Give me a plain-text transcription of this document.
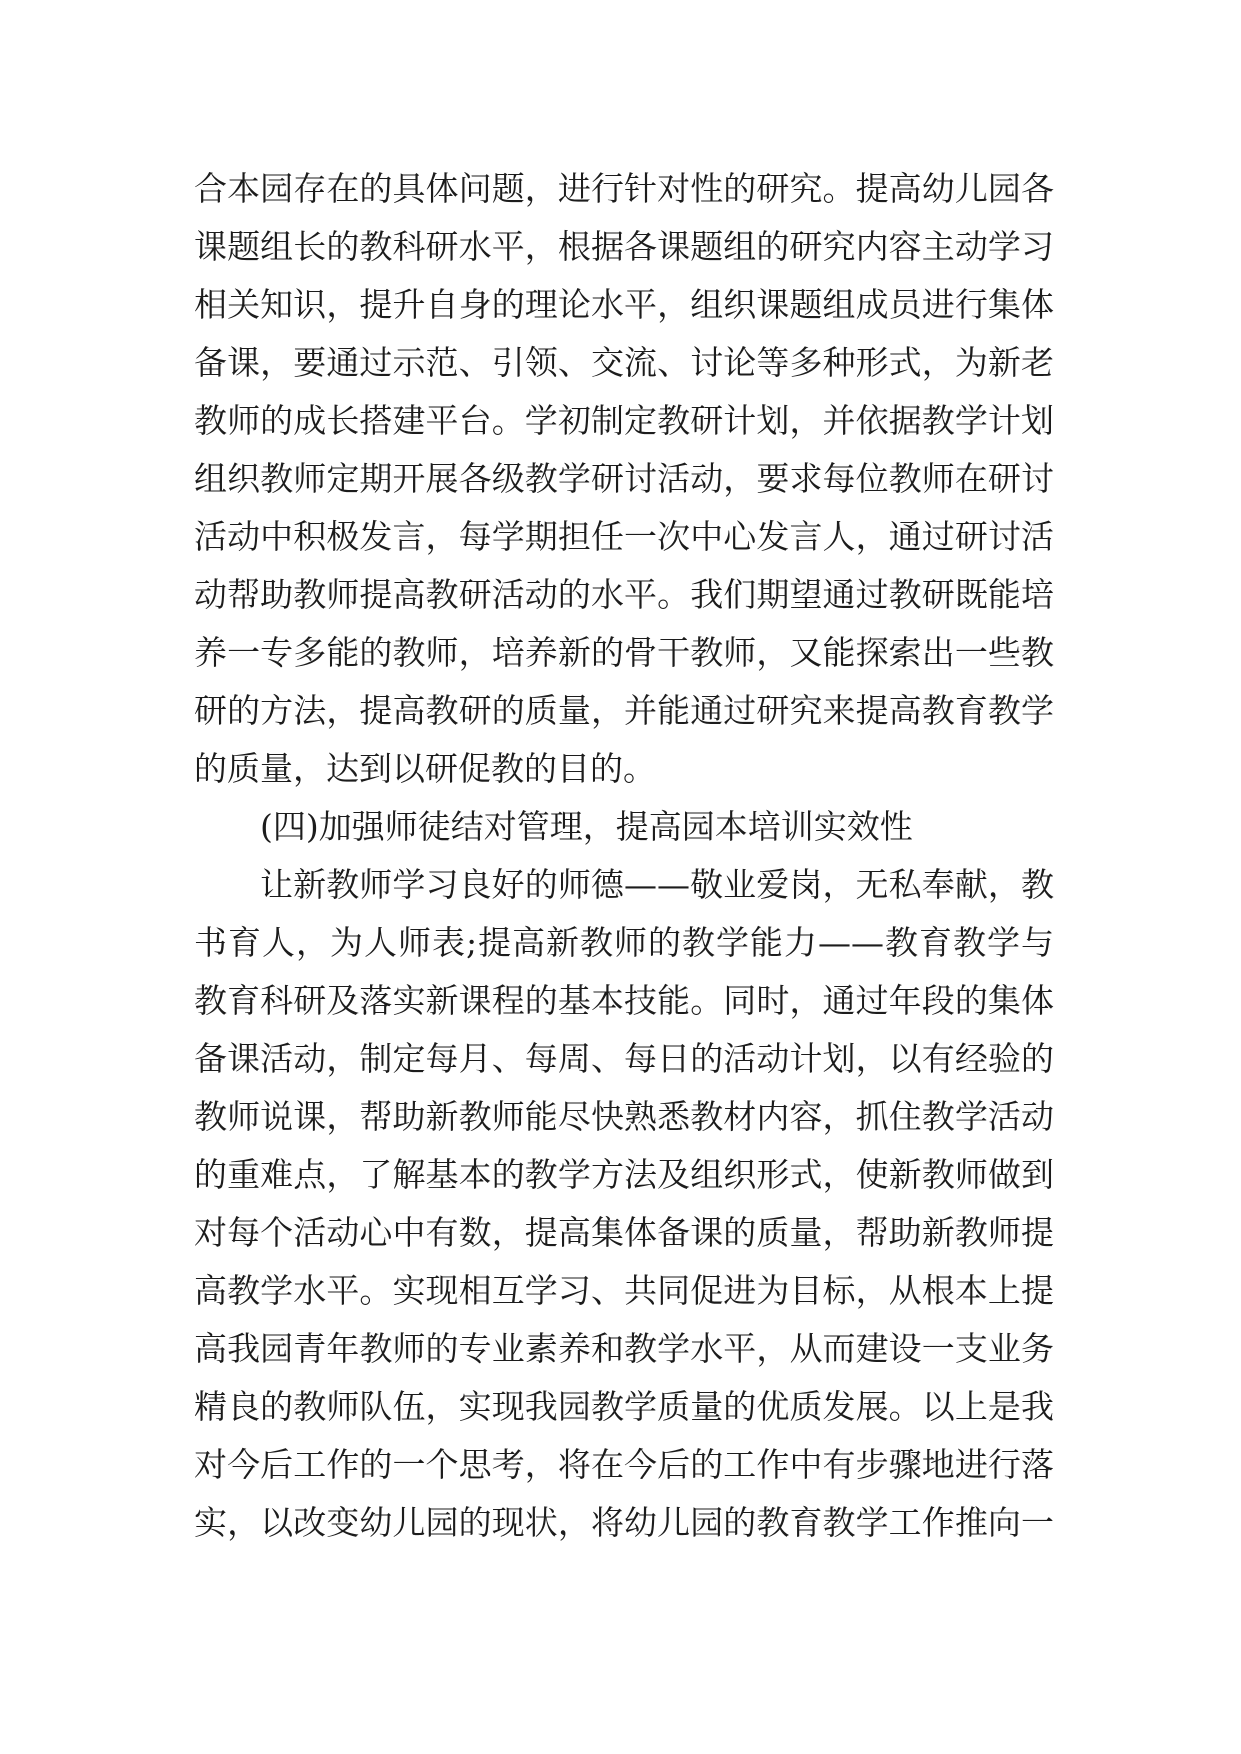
合本园存在的具体问题，进行针对性的研究。提高幼儿园各
课题组长的教科研水平，根据各课题组的研究内容主动学习
相关知识，提升自身的理论水平，组织课题组成员进行集体
备课，要通过示范、引领、交流、讨论等多种形式，为新老
教师的成长搭建平台。学初制定教研计划，并依据教学计划
组织教师定期开展各级教学研讨活动，要求每位教师在研讨
活动中积极发言，每学期担任一次中心发言人，通过研讨活
动帮助教师提高教研活动的水平。我们期望通过教研既能培
养一专多能的教师，培养新的骨干教师，又能探索出一些教
研的方法，提高教研的质量，并能通过研究来提高教育教学
的质量，达到以研促教的目的。
(四)加强师徒结对管理，提高园本培训实效性
让新教师学习良好的师德——敬业爱岗，无私奉献，教
书育人，为人师表;提高新教师的教学能力——教育教学与
教育科研及落实新课程的基本技能。同时，通过年段的集体
备课活动，制定每月、每周、每日的活动计划，以有经验的
教师说课，帮助新教师能尽快熟悉教材内容，抓住教学活动
的重难点，了解基本的教学方法及组织形式，使新教师做到
对每个活动心中有数，提高集体备课的质量，帮助新教师提
高教学水平。实现相互学习、共同促进为目标，从根本上提
高我园青年教师的专业素养和教学水平，从而建设一支业务
精良的教师队伍，实现我园教学质量的优质发展。以上是我
对今后工作的一个思考，将在今后的工作中有步骤地进行落
实，以改变幼儿园的现状，将幼儿园的教育教学工作推向一
